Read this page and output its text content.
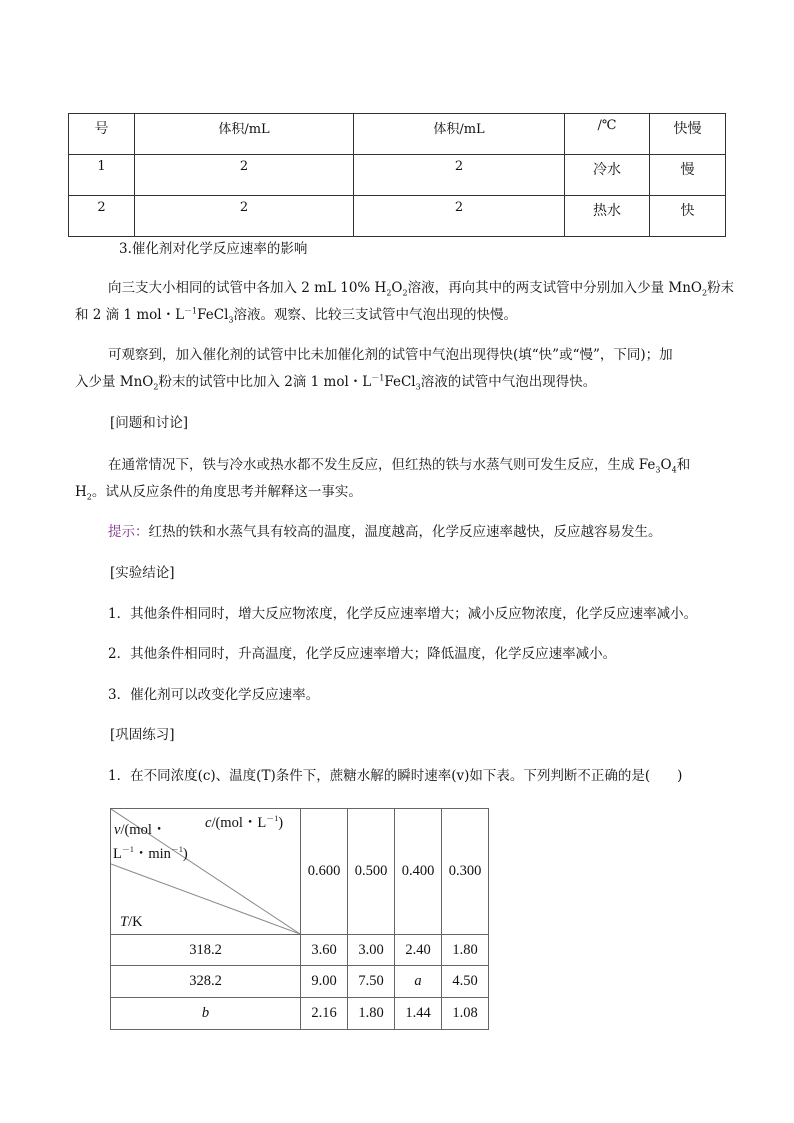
号	体积/mL	体积/mL	/℃	快慢
1	2	2	冷水	慢
2	2	2	热水	快
3.催化剂对化学反应速率的影响
向三支大小相同的试管中各加入 2 mL 10% $H_2O_2$溶液，再向其中的两支试管中分别加入少量 MnO$_2$粉末
和 2 滴 1 mol・$L^{-1}FeCl_3$溶液。观察、比较三支试管中气泡出现的快慢。
可观察到，加入催化剂的试管中比未加催化剂的试管中气泡出现得快(填“快”或“慢”，下同)；加
入少量 MnO$_2$粉末的试管中比加入 2滴 1 mol・$L^{-1}FeCl_3$溶液的试管中气泡出现得快。
[问题和讨论]
在通常情况下，铁与冷水或热水都不发生反应，但红热的铁与水蒸气则可发生反应，生成 $Fe_3O_4$和
$H_2$。试从反应条件的角度思考并解释这一事实。
提示：红热的铁和水蒸气具有较高的温度，温度越高，化学反应速率越快，反应越容易发生。
[实验结论]
1．其他条件相同时，增大反应物浓度，化学反应速率增大；减小反应物浓度，化学反应速率减小。
2．其他条件相同时，升高温度，化学反应速率增大；降低温度，化学反应速率减小。
3．催化剂可以改变化学反应速率。
[巩固练习]
1．在不同浓度(c)、温度(T)条件下，蔗糖水解的瞬时速率(v)如下表。下列判断不正确的是(　　)
v/(mol・
$L^{-1}$・$\min^{-1}$)
c/(mol・$L^{-1}$)
T/K	0.600	0.500	0.400	0.300
318.2	3.60	3.00	2.40	1.80
328.2	9.00	7.50	a	4.50
b	2.16	1.80	1.44	1.08
